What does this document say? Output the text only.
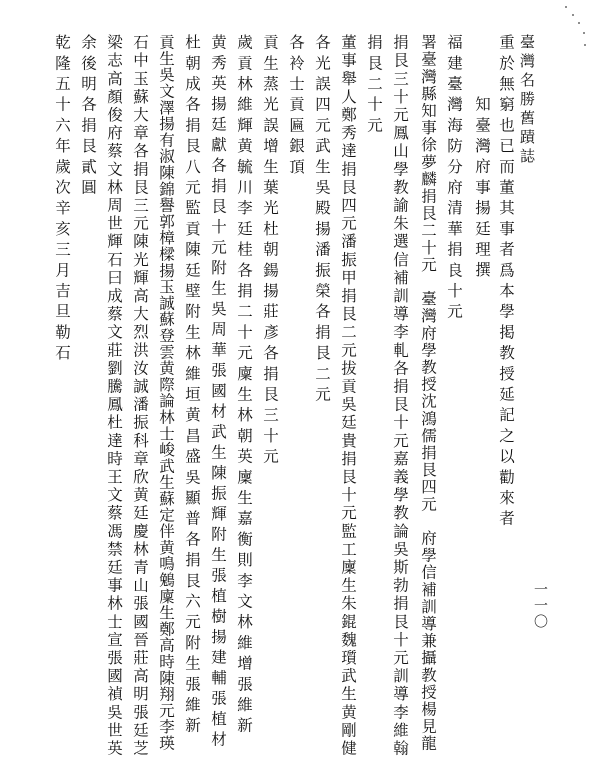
臺灣名勝舊蹟誌
一一〇
重於無窮也已而董其事者爲本學掲教授延記之以勸來者
知臺灣府事揚廷理撰
福建臺灣海防分府清華捐良十元
署臺灣縣知事徐夢麟捐艮二十元　臺灣府學教授沈鴻儒捐艮四元　府學信補訓導兼攝教授楊見龍
捐艮三十元鳳山學教諭朱選信補訓導李軋各捐艮十元嘉義學教論吳斯勃捐艮十元訓導李維翰
捐艮二十元
董事舉人鄭秀達捐艮四元潘振甲捐艮二元拔貢吳廷貴捐艮十元監工廩生朱錕魏瓆武生黄剛健
各光誤四元武生吳殿揚潘振榮各捐艮二元
各袊士貢匾銀頂
貢生蒸光誤增生葉光杜朝鍚揚莊彥各捐艮三十元
歲貢林維輝黄毓川李廷桂各捐二十元廩生林朝英廩生嘉衡則李文林維增張維新
黄秀英揚廷獻各捐艮十元附生吳周華張國材武生陳振輝附生張植樹揚建輔張植材
杜朝成各捐艮八元監貢陳廷壁附生林維垣黄昌盛吳顯普各捐艮六元附生張維新
貢生吳文澤揚有淑陳錦譽郭樟樑揚玉誠蘇登雲黄際論林士峻武生蘇定伴黄鳴鵵廩生鄭高時陳翔元李瑛
石中玉蘇大章各捐艮三元陳光輝高大烈洪汝誠潘振科章欣黄廷慶林青山張國晉莊高明張廷芝
梁志高顏俊府蔡文林周世輝石曰成蔡文莊劉騰鳳杜達時王文蔡馮禁廷事林士宣張國禎吳世英
余後明各捐艮貳圓
乾隆五十六年歲次辛亥三月吉旦勒石
